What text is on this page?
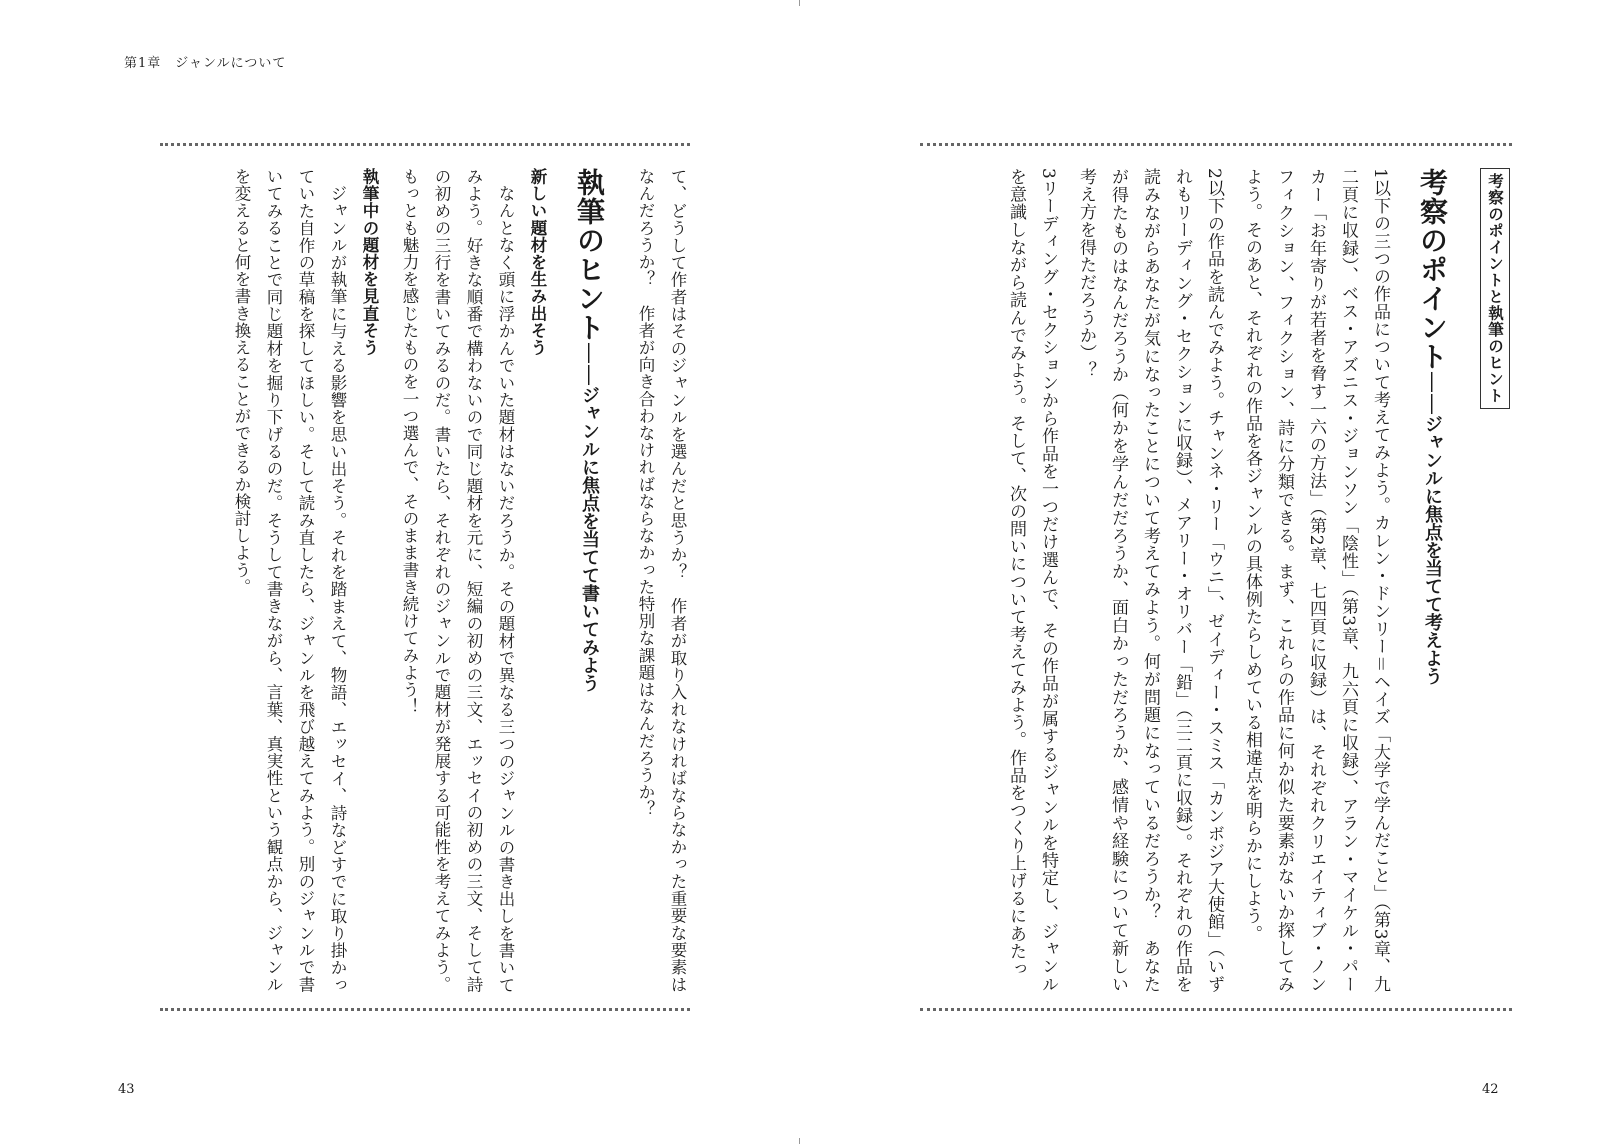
第1章　ジャンルについて
て、どうして作者はそのジャンルを選んだと思うか？　作者が取り入れなければならなかった重要な要素はなんだろうか？　作者が向き合わなければならなかった特別な課題はなんだろうか？
執筆のヒント——ジャンルに焦点を当てて書いてみよう
新しい題材を生み出そう
なんとなく頭に浮かんでいた題材はないだろうか。その題材で異なる三つのジャンルの書き出しを書いてみよう。好きな順番で構わないので同じ題材を元に、短編の初めの三文、エッセイの初めの三文、そして詩の初めの三行を書いてみるのだ。書いたら、それぞれのジャンルで題材が発展する可能性を考えてみよう。もっとも魅力を感じたものを一つ選んで、そのまま書き続けてみよう！
執筆中の題材を見直そう
ジャンルが執筆に与える影響を思い出そう。それを踏まえて、物語、エッセイ、詩などすでに取り掛かっていた自作の草稿を探してほしい。そして読み直したら、ジャンルを飛び越えてみよう。別のジャンルで書いてみることで同じ題材を掘り下げるのだ。そうして書きながら、言葉、真実性という観点から、ジャンルを変えると何を書き換えることができるか検討しよう。
43
考察のポイントと執筆のヒント
考察のポイント——ジャンルに焦点を当てて考えよう
1以下の三つの作品について考えてみよう。カレン・ドンリー＝ヘイズ「大学で学んだこと」（第3章、九二頁に収録）、ベス・アズニス・ジョンソン「陰性」（第3章、九六頁に収録）、アラン・マイケル・パーカー「お年寄りが若者を脅す一六の方法」（第2章、七四頁に収録）は、それぞれクリエイティブ・ノンフィクション、フィクション、詩に分類できる。まず、これらの作品に何か似た要素がないか探してみよう。そのあと、それぞれの作品を各ジャンルの具体例たらしめている相違点を明らかにしよう。
2以下の作品を読んでみよう。チャンネ・リー「ウニ」、ゼイディー・スミス「カンボジア大使館」（いずれもリーディング・セクションに収録）、メアリー・オリバー「鉛」（三二頁に収録）。それぞれの作品を読みながらあなたが気になったことについて考えてみよう。何が問題になっているだろうか？　あなたが得たものはなんだろうか（何かを学んだだろうか、面白かっただろうか、感情や経験について新しい考え方を得ただろうか）？
3リーディング・セクションから作品を一つだけ選んで、その作品が属するジャンルを特定し、ジャンルを意識しながら読んでみよう。そして、次の問いについて考えてみよう。作品をつくり上げるにあたっ
42
